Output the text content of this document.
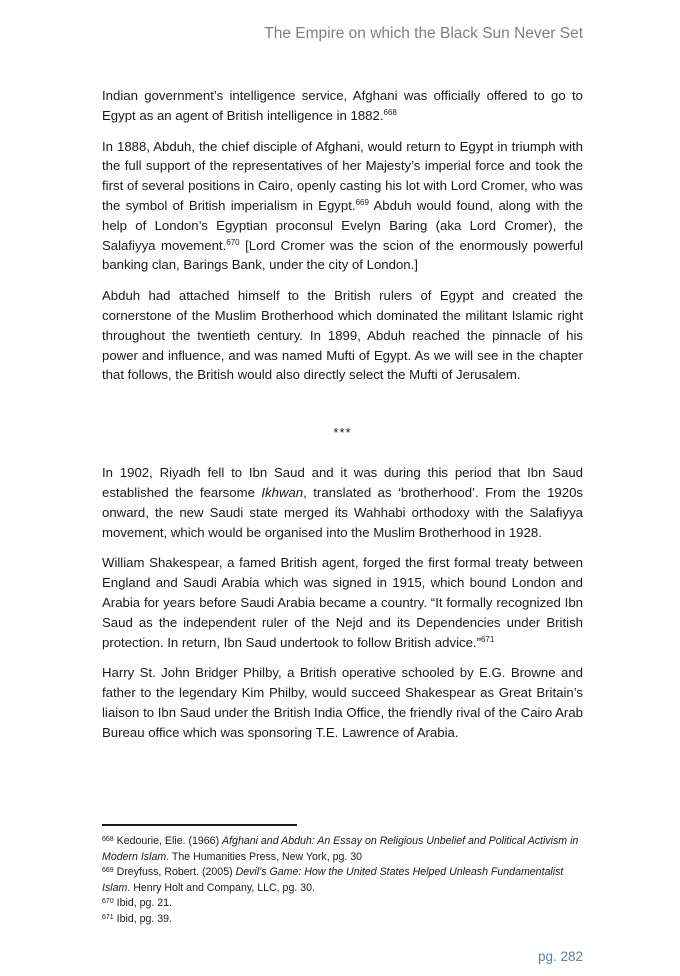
The Empire on which the Black Sun Never Set

Indian government’s intelligence service, Afghani was officially offered to go to Egypt as an agent of British intelligence in 1882.$^{668}$

In 1888, Abduh, the chief disciple of Afghani, would return to Egypt in triumph with the full support of the representatives of her Majesty’s imperial force and took the first of several positions in Cairo, openly casting his lot with Lord Cromer, who was the symbol of British imperialism in Egypt.$^{669}$ Abduh would found, along with the help of London’s Egyptian proconsul Evelyn Baring (aka Lord Cromer), the Salafiyya movement.$^{670}$ [Lord Cromer was the scion of the enormously powerful banking clan, Barings Bank, under the city of London.]

Abduh had attached himself to the British rulers of Egypt and created the cornerstone of the Muslim Brotherhood which dominated the militant Islamic right throughout the twentieth century. In 1899, Abduh reached the pinnacle of his power and influence, and was named Mufti of Egypt. As we will see in the chapter that follows, the British would also directly select the Mufti of Jerusalem.

***

In 1902, Riyadh fell to Ibn Saud and it was during this period that Ibn Saud established the fearsome Ikhwan, translated as ‘brotherhood’. From the 1920s onward, the new Saudi state merged its Wahhabi orthodoxy with the Salafiyya movement, which would be organised into the Muslim Brotherhood in 1928.

William Shakespear, a famed British agent, forged the first formal treaty between England and Saudi Arabia which was signed in 1915, which bound London and Arabia for years before Saudi Arabia became a country. “It formally recognized Ibn Saud as the independent ruler of the Nejd and its Dependencies under British protection. In return, Ibn Saud undertook to follow British advice.”$^{671}$

Harry St. John Bridger Philby, a British operative schooled by E.G. Browne and father to the legendary Kim Philby, would succeed Shakespear as Great Britain’s liaison to Ibn Saud under the British India Office, the friendly rival of the Cairo Arab Bureau office which was sponsoring T.E. Lawrence of Arabia.

$^{668}$ Kedourie, Elie. (1966) Afghani and Abduh: An Essay on Religious Unbelief and Political Activism in Modern Islam. The Humanities Press, New York, pg. 30

$^{669}$ Dreyfuss, Robert. (2005) Devil’s Game: How the United States Helped Unleash Fundamentalist Islam. Henry Holt and Company, LLC, pg. 30.

$^{670}$ Ibid, pg. 21.

$^{671}$ Ibid, pg. 39.

pg. 282
